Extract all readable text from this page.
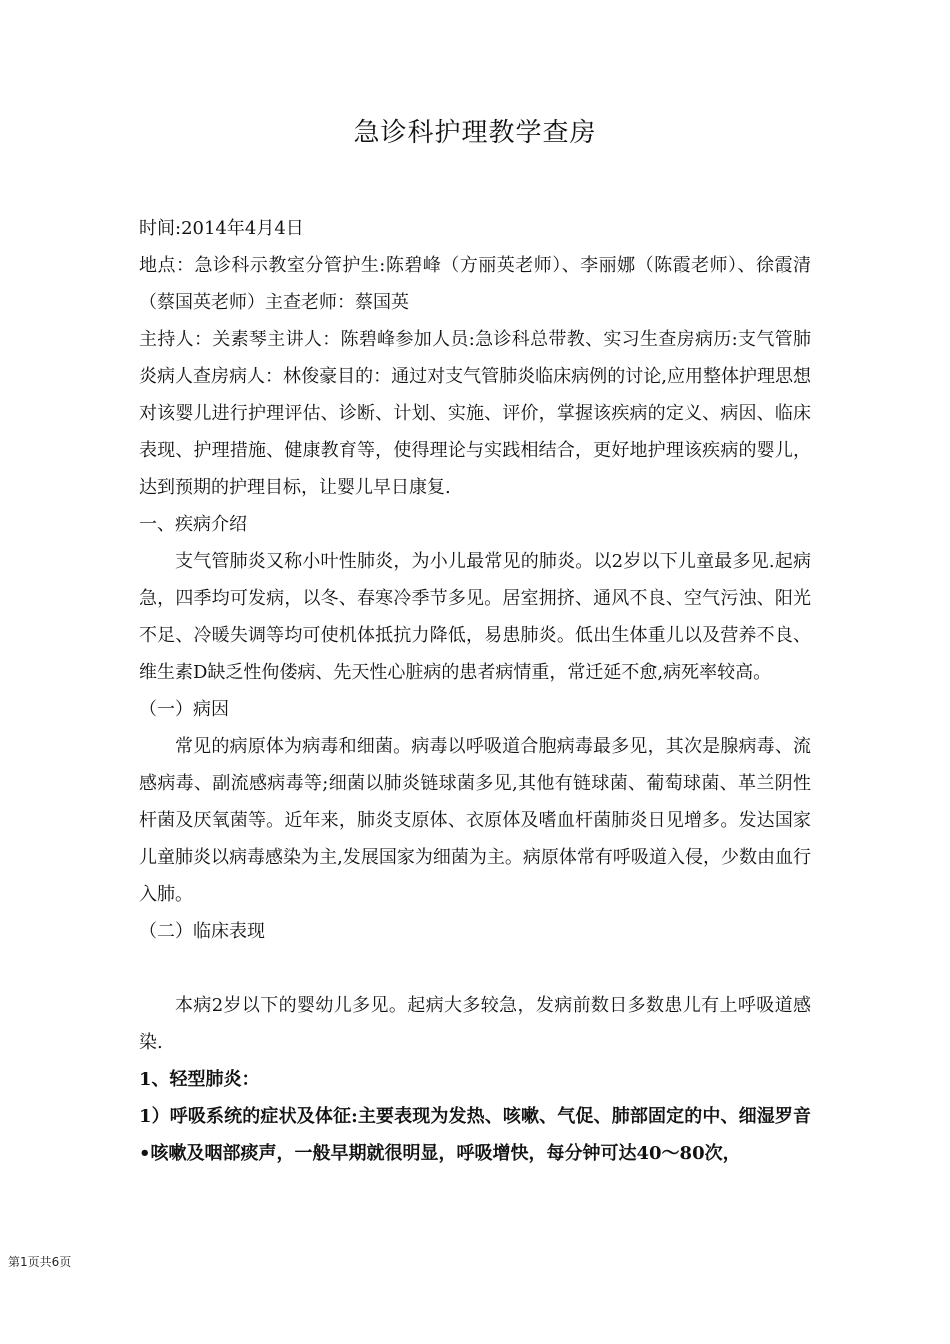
急诊科护理教学查房

时间:2014年4月4日

地点：急诊科示教室分管护生:陈碧峰（方丽英老师）、李丽娜（陈霞老师）、徐霞清（蔡国英老师）主查老师：蔡国英

主持人：关素琴主讲人：陈碧峰参加人员:急诊科总带教、实习生查房病历:支气管肺炎病人查房病人：林俊豪目的：通过对支气管肺炎临床病例的讨论,应用整体护理思想对该婴儿进行护理评估、诊断、计划、实施、评价，掌握该疾病的定义、病因、临床表现、护理措施、健康教育等，使得理论与实践相结合，更好地护理该疾病的婴儿，达到预期的护理目标，让婴儿早日康复.

一、疾病介绍

支气管肺炎又称小叶性肺炎，为小儿最常见的肺炎。以2岁以下儿童最多见.起病急，四季均可发病，以冬、春寒冷季节多见。居室拥挤、通风不良、空气污浊、阳光不足、冷暖失调等均可使机体抵抗力降低，易患肺炎。低出生体重儿以及营养不良、维生素D缺乏性佝偻病、先天性心脏病的患者病情重，常迁延不愈,病死率较高。

（一）病因

常见的病原体为病毒和细菌。病毒以呼吸道合胞病毒最多见，其次是腺病毒、流感病毒、副流感病毒等;细菌以肺炎链球菌多见,其他有链球菌、葡萄球菌、革兰阴性杆菌及厌氧菌等。近年来，肺炎支原体、衣原体及嗜血杆菌肺炎日见增多。发达国家儿童肺炎以病毒感染为主,发展国家为细菌为主。病原体常有呼吸道入侵，少数由血行入肺。

（二）临床表现

本病2岁以下的婴幼儿多见。起病大多较急，发病前数日多数患儿有上呼吸道感染.

1、轻型肺炎：

1）呼吸系统的症状及体征:主要表现为发热、咳嗽、气促、肺部固定的中、细湿罗音•咳嗽及咽部痰声，一般早期就很明显，呼吸增快，每分钟可达40〜80次，

第1页共6页
